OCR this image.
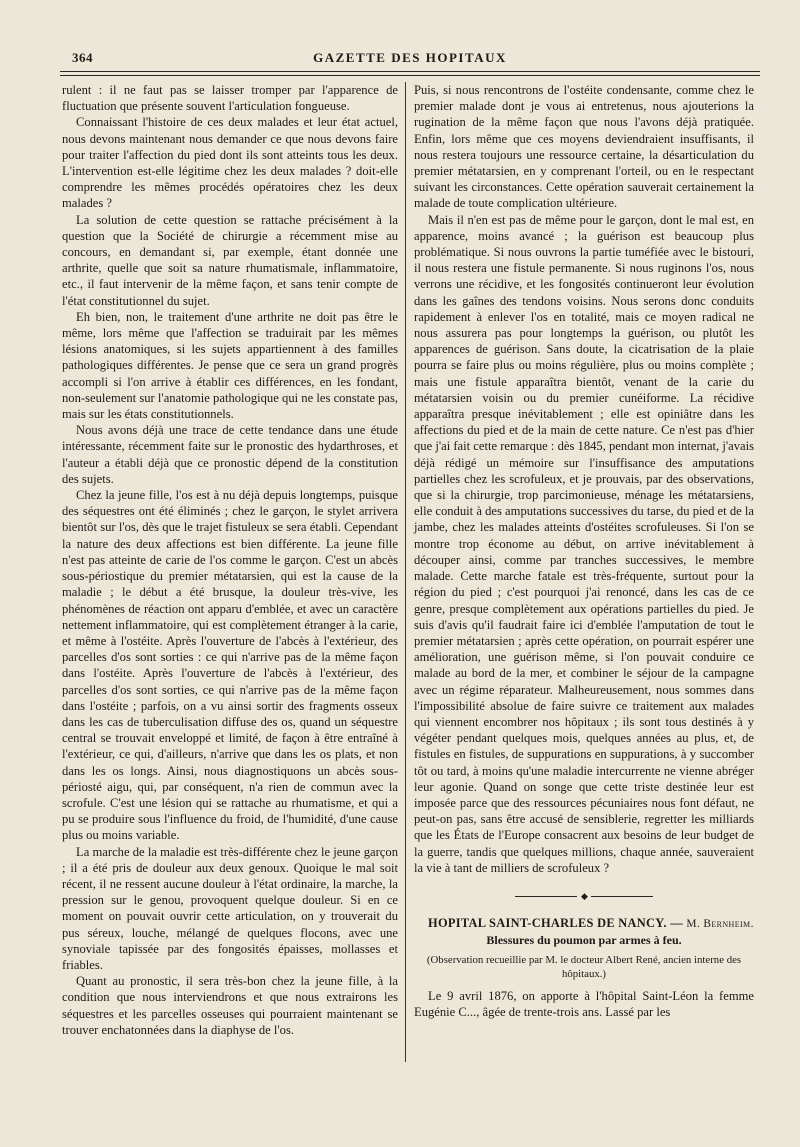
364	GAZETTE DES HOPITAUX

rulent : il ne faut pas se laisser tromper par l'apparence de fluctuation que présente souvent l'articulation fongueuse.

Connaissant l'histoire de ces deux malades et leur état actuel, nous devons maintenant nous demander ce que nous devons faire pour traiter l'affection du pied dont ils sont atteints tous les deux. L'intervention est-elle légitime chez les deux malades ? doit-elle comprendre les mêmes procédés opératoires chez les deux malades ?

La solution de cette question se rattache précisément à la question que la Société de chirurgie a récemment mise au concours, en demandant si, par exemple, étant donnée une arthrite, quelle que soit sa nature rhumatismale, inflammatoire, etc., il faut intervenir de la même façon, et sans tenir compte de l'état constitutionnel du sujet.

Eh bien, non, le traitement d'une arthrite ne doit pas être le même, lors même que l'affection se traduirait par les mêmes lésions anatomiques, si les sujets appartiennent à des familles pathologiques différentes. Je pense que ce sera un grand progrès accompli si l'on arrive à établir ces différences, en les fondant, non-seulement sur l'anatomie pathologique qui ne les constate pas, mais sur les états constitutionnels.

Nous avons déjà une trace de cette tendance dans une étude intéressante, récemment faite sur le pronostic des hydarthroses, et l'auteur a établi déjà que ce pronostic dépend de la constitution des sujets.

Chez la jeune fille, l'os est à nu déjà depuis longtemps, puisque des séquestres ont été éliminés ; chez le garçon, le stylet arrivera bientôt sur l'os, dès que le trajet fistuleux se sera établi. Cependant la nature des deux affections est bien différente. La jeune fille n'est pas atteinte de carie de l'os comme le garçon. C'est un abcès sous-périostique du premier métatarsien, qui est la cause de la maladie ; le début a été brusque, la douleur très-vive, les phénomènes de réaction ont apparu d'emblée, et avec un caractère nettement inflammatoire, qui est complètement étranger à la carie, et même à l'ostéite. Après l'ouverture de l'abcès à l'extérieur, des parcelles d'os sont sorties : ce qui n'arrive pas de la même façon dans l'ostéite. Après l'ouverture de l'abcès à l'extérieur, des parcelles d'os sont sorties, ce qui n'arrive pas de la même façon dans l'ostéite ; parfois, on a vu ainsi sortir des fragments osseux dans les cas de tuberculisation diffuse des os, quand un séquestre central se trouvait enveloppé et limité, de façon à être entraîné à l'extérieur, ce qui, d'ailleurs, n'arrive que dans les os plats, et non dans les os longs. Ainsi, nous diagnostiquons un abcès sous-périosté aigu, qui, par conséquent, n'a rien de commun avec la scrofule. C'est une lésion qui se rattache au rhumatisme, et qui a pu se produire sous l'influence du froid, de l'humidité, d'une cause plus ou moins variable.

La marche de la maladie est très-différente chez le jeune garçon ; il a été pris de douleur aux deux genoux. Quoique le mal soit récent, il ne ressent aucune douleur à l'état ordinaire, la marche, la pression sur le genou, provoquent quelque douleur. Si en ce moment on pouvait ouvrir cette articulation, on y trouverait du pus séreux, louche, mélangé de quelques flocons, avec une synoviale tapissée par des fongosités épaisses, mollasses et friables.

Quant au pronostic, il sera très-bon chez la jeune fille, à la condition que nous interviendrons et que nous extrairons les séquestres et les parcelles osseuses qui pourraient maintenant se trouver enchatonnées dans la diaphyse de l'os.

Puis, si nous rencontrons de l'ostéite condensante, comme chez le premier malade dont je vous ai entretenus, nous ajouterions la rugination de la même façon que nous l'avons déjà pratiquée. Enfin, lors même que ces moyens deviendraient insuffisants, il nous restera toujours une ressource certaine, la désarticulation du premier métatarsien, en y comprenant l'orteil, ou en le respectant suivant les circonstances. Cette opération sauverait certainement la malade de toute complication ultérieure.

Mais il n'en est pas de même pour le garçon, dont le mal est, en apparence, moins avancé ; la guérison est beaucoup plus problématique. Si nous ouvrons la partie tuméfiée avec le bistouri, il nous restera une fistule permanente. Si nous ruginons l'os, nous verrons une récidive, et les fongosités continueront leur évolution dans les gaînes des tendons voisins. Nous serons donc conduits rapidement à enlever l'os en totalité, mais ce moyen radical ne nous assurera pas pour longtemps la guérison, ou plutôt les apparences de guérison. Sans doute, la cicatrisation de la plaie pourra se faire plus ou moins régulière, plus ou moins complète ; mais une fistule apparaîtra bientôt, venant de la carie du métatarsien voisin ou du premier cunéiforme. La récidive apparaîtra presque inévitablement ; elle est opiniâtre dans les affections du pied et de la main de cette nature. Ce n'est pas d'hier que j'ai fait cette remarque : dès 1845, pendant mon internat, j'avais déjà rédigé un mémoire sur l'insuffisance des amputations partielles chez les scrofuleux, et je prouvais, par des observations, que si la chirurgie, trop parcimonieuse, ménage les métatarsiens, elle conduit à des amputations successives du tarse, du pied et de la jambe, chez les malades atteints d'ostéites scrofuleuses. Si l'on se montre trop économe au début, on arrive inévitablement à découper ainsi, comme par tranches successives, le membre malade. Cette marche fatale est très-fréquente, surtout pour la région du pied ; c'est pourquoi j'ai renoncé, dans les cas de ce genre, presque complètement aux opérations partielles du pied. Je suis d'avis qu'il faudrait faire ici d'emblée l'amputation de tout le premier métatarsien ; après cette opération, on pourrait espérer une amélioration, une guérison même, si l'on pouvait conduire ce malade au bord de la mer, et combiner le séjour de la campagne avec un régime réparateur. Malheureusement, nous sommes dans l'impossibilité absolue de faire suivre ce traitement aux malades qui viennent encombrer nos hôpitaux ; ils sont tous destinés à y végéter pendant quelques mois, quelques années au plus, et, de fistules en fistules, de suppurations en suppurations, à y succomber tôt ou tard, à moins qu'une maladie intercurrente ne vienne abréger leur agonie. Quand on songe que cette triste destinée leur est imposée parce que des ressources pécuniaires nous font défaut, ne peut-on pas, sans être accusé de sensiblerie, regretter les milliards que les États de l'Europe consacrent aux besoins de leur budget de la guerre, tandis que quelques millions, chaque année, sauveraient la vie à tant de milliers de scrofuleux ?

◆

HOPITAL SAINT-CHARLES DE NANCY. — M. Bernheim.

Blessures du poumon par armes à feu.
(Observation recueillie par M. le docteur Albert René, ancien interne des hôpitaux.)

Le 9 avril 1876, on apporte à l'hôpital Saint-Léon la femme Eugénie C..., âgée de trente-trois ans. Lassé par les
